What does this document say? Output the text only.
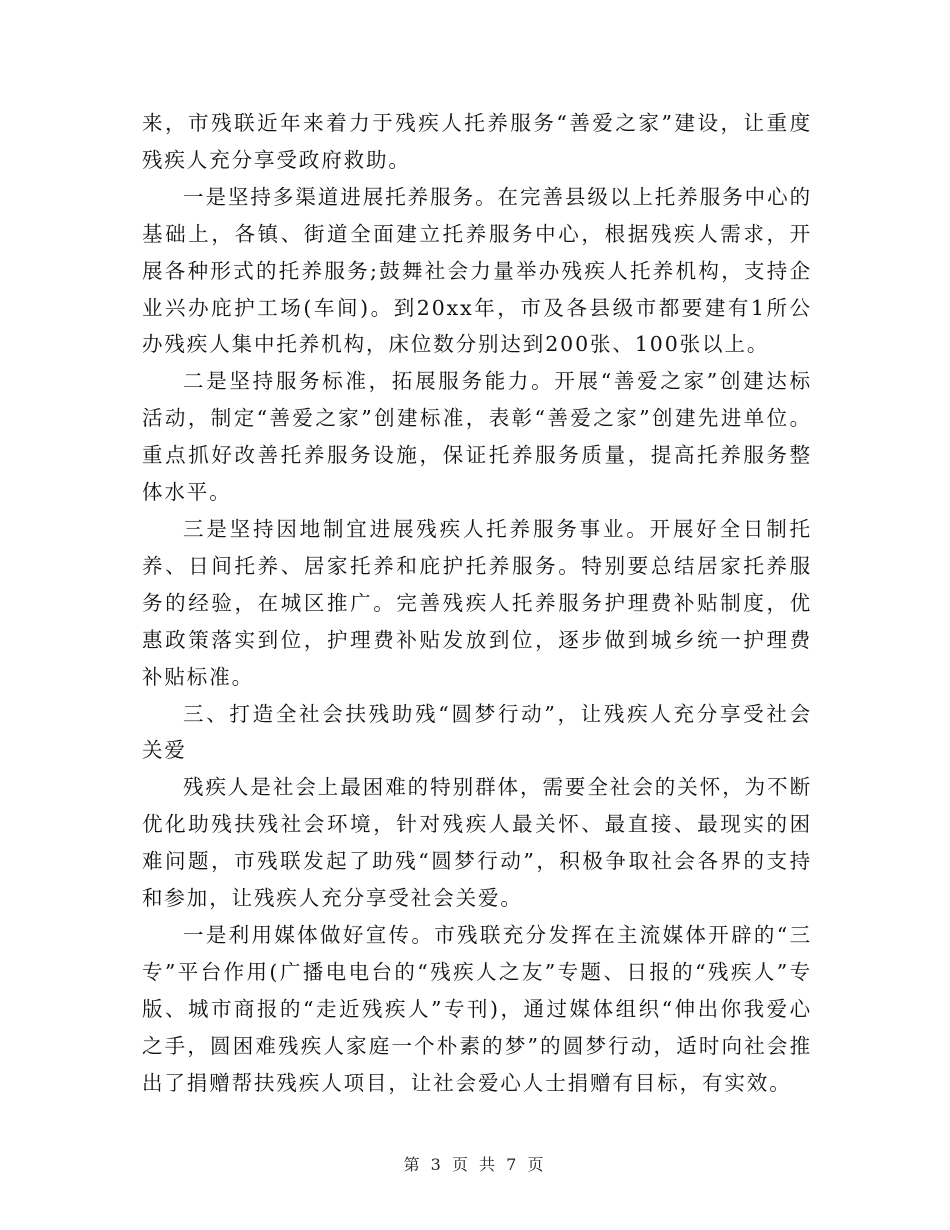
来，市残联近年来着力于残疾人托养服务“善爱之家”建设，让重度残疾人充分享受政府救助。

一是坚持多渠道进展托养服务。在完善县级以上托养服务中心的基础上，各镇、街道全面建立托养服务中心，根据残疾人需求，开展各种形式的托养服务;鼓舞社会力量举办残疾人托养机构，支持企业兴办庇护工场(车间)。到20xx年，市及各县级市都要建有1所公办残疾人集中托养机构，床位数分别达到200张、100张以上。

二是坚持服务标准，拓展服务能力。开展“善爱之家”创建达标活动，制定“善爱之家”创建标准，表彰“善爱之家”创建先进单位。重点抓好改善托养服务设施，保证托养服务质量，提高托养服务整体水平。

三是坚持因地制宜进展残疾人托养服务事业。开展好全日制托养、日间托养、居家托养和庇护托养服务。特别要总结居家托养服务的经验，在城区推广。完善残疾人托养服务护理费补贴制度，优惠政策落实到位，护理费补贴发放到位，逐步做到城乡统一护理费补贴标准。

三、打造全社会扶残助残“圆梦行动”，让残疾人充分享受社会关爱

残疾人是社会上最困难的特别群体，需要全社会的关怀，为不断优化助残扶残社会环境，针对残疾人最关怀、最直接、最现实的困难问题，市残联发起了助残“圆梦行动”，积极争取社会各界的支持和参加，让残疾人充分享受社会关爱。

一是利用媒体做好宣传。市残联充分发挥在主流媒体开辟的“三专”平台作用(广播电电台的“残疾人之友”专题、日报的“残疾人”专版、城市商报的“走近残疾人”专刊)，通过媒体组织“伸出你我爱心之手，圆困难残疾人家庭一个朴素的梦”的圆梦行动，适时向社会推出了捐赠帮扶残疾人项目，让社会爱心人士捐赠有目标，有实效。

第 3 页 共 7 页
